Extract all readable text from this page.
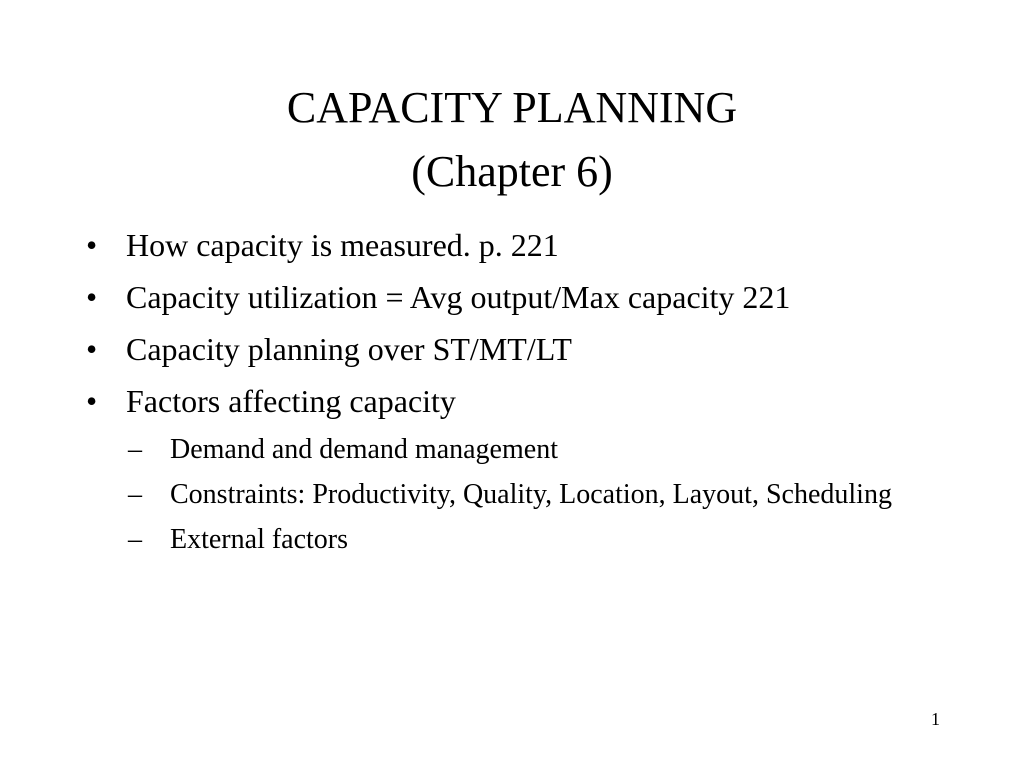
CAPACITY PLANNING
(Chapter 6)
• How capacity is measured. p. 221
• Capacity utilization = Avg output/Max capacity 221
• Capacity planning over ST/MT/LT
• Factors affecting capacity
– Demand and demand management
– Constraints: Productivity, Quality, Location, Layout, Scheduling
– External factors
1
